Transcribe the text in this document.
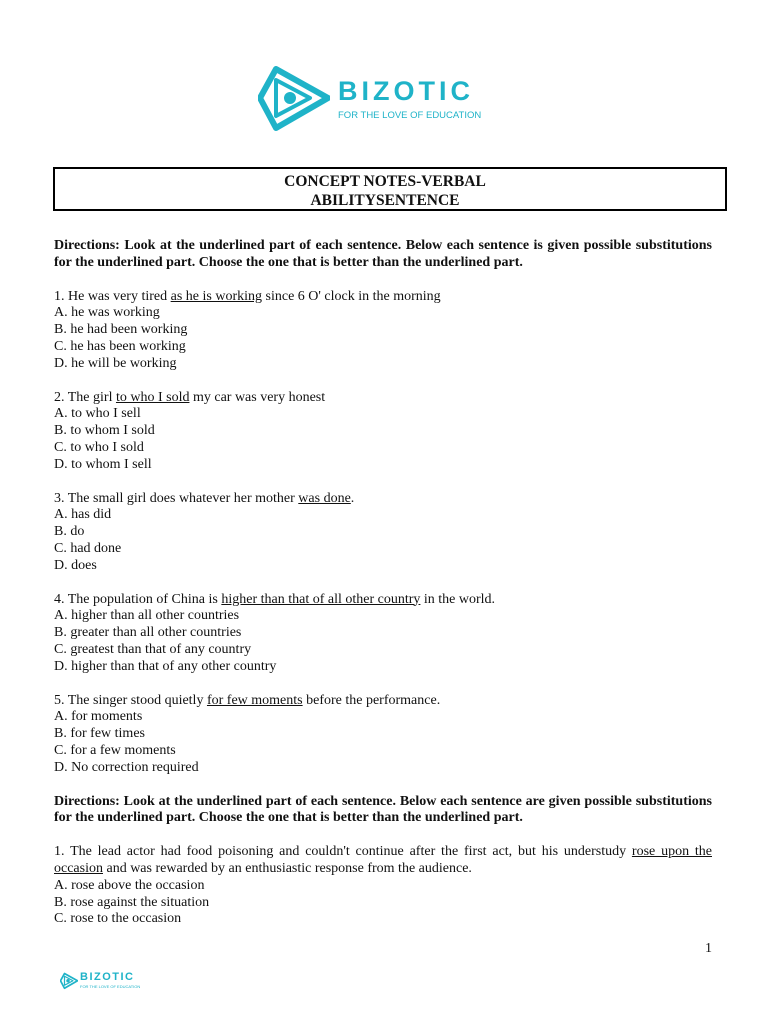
BIZOTIC
FOR THE LOVE OF EDUCATION
CONCEPT NOTES-VERBAL
ABILITYSENTENCE

Directions: Look at the underlined part of each sentence. Below each sentence is given possible substitutions for the underlined part. Choose the one that is better than the underlined part.

1. He was very tired as he is working since 6 O' clock in the morning

A. he was working

B. he had been working

C. he has been working

D. he will be working

2. The girl to who I sold my car was very honest

A. to who I sell

B. to whom I sold

C. to who I sold

D. to whom I sell

3. The small girl does whatever her mother was done.

A. has did

B. do

C. had done

D. does

4. The population of China is higher than that of all other country in the world.

A. higher than all other countries

B. greater than all other countries

C. greatest than that of any country

D. higher than that of any other country

5. The singer stood quietly for few moments before the performance.

A. for moments

B. for few times

C. for a few moments

D. No correction required

Directions: Look at the underlined part of each sentence. Below each sentence are given possible substitutions for the underlined part. Choose the one that is better than the underlined part.

1. The lead actor had food poisoning and couldn't continue after the first act, but his understudy rose upon the occasion and was rewarded by an enthusiastic response from the audience.

A. rose above the occasion

B. rose against the situation

C. rose to the occasion

1
BIZOTIC
FOR THE LOVE OF EDUCATION
